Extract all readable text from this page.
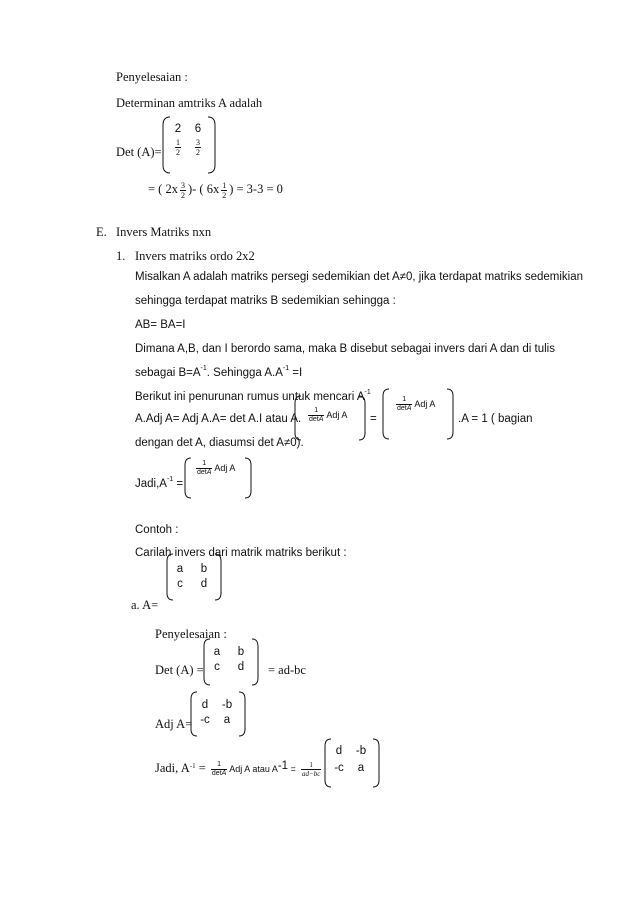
Penyelesaian :
Determinan amtriks A adalah
Det (A)=
2	6
$\frac{1}{2} \frac{3}{2}$
= ( $2x \frac{3}{2}$ )- ( $6x \frac{1}{2}$ ) = 3-3 = 0
E. Invers Matriks nxn
1. Invers matriks ordo 2x2
Misalkan A adalah matriks persegi sedemikian det A≠0, jika terdapat matriks sedemikian
sehingga terdapat matriks B sedemikian sehingga :
AB= BA=I
Dimana A,B, dan I berordo sama, maka B disebut sebagai invers dari A dan di tulis
sebagai $B=A^{-1}$. Sehingga $A.A^{-1} =I$
Berikut ini penurunan rumus untuk mencari $A^{-1}$
A.Adj A= Adj A.A= det A.I atau A. $\frac{1}{\det A}$ Adj A =
$\frac{1}{\det A}$ Adj A
.A = 1 ( bagian
dengan det A, diasumsi det A≠0).
$Jadi,A^{-1}$ =
$\frac{1}{\det A}$ Adj A
Contoh :
Carilah invers dari matrik matriks berikut :
a. A=
a	b
c	d
Penyelesaian :
Det (A) =
a	b
c	d	= ad-bc
Adj A=
d	-b
-c	a
Jadi, $A^{-1} = \frac{1}{\det A}$ Adj A atau $A^{-1} = \frac{1}{ad-bc}$
d	-b
-c	a
